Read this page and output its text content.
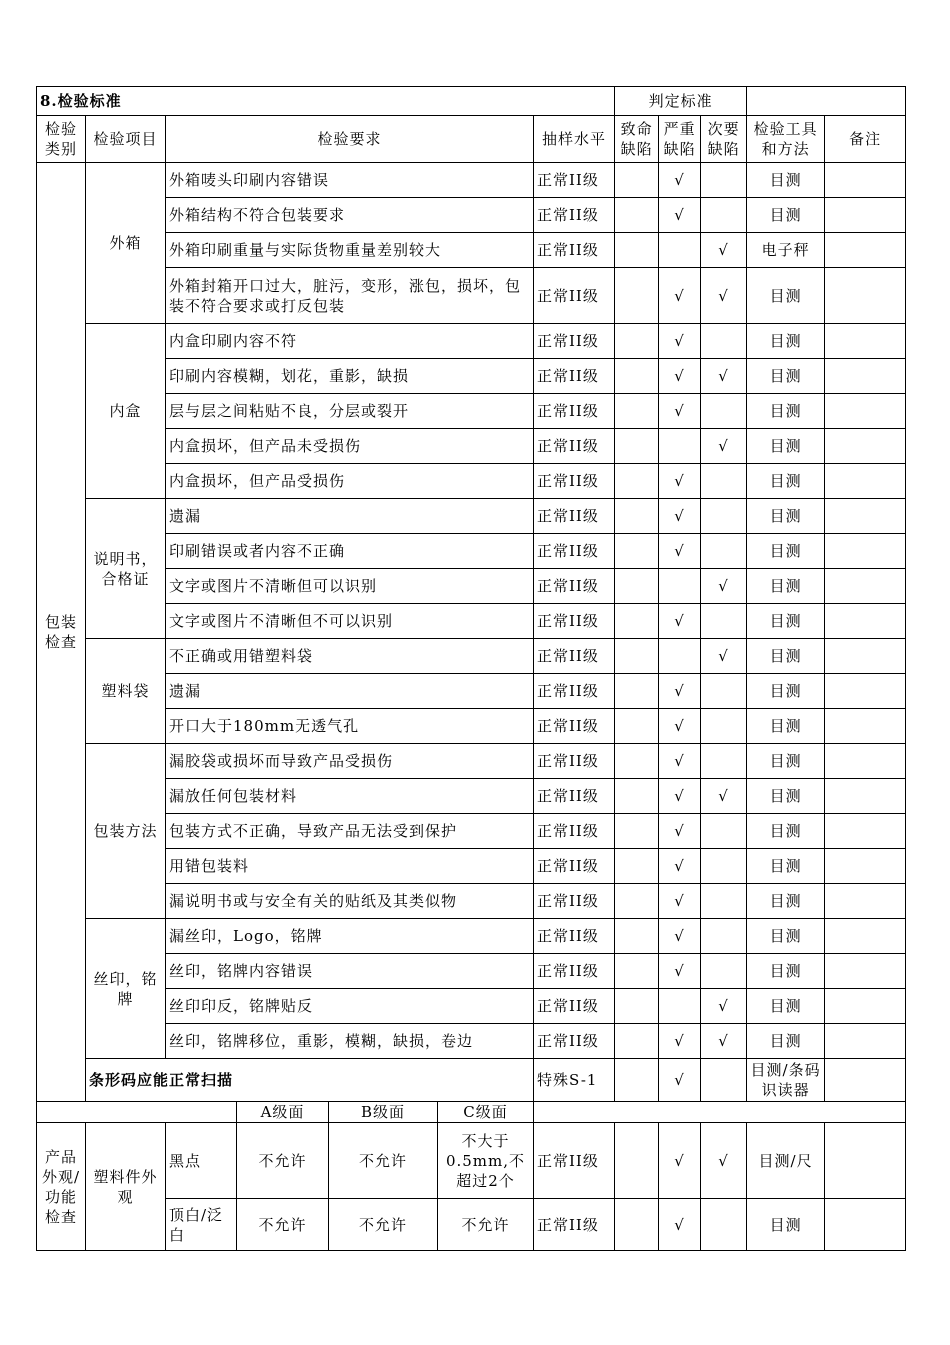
8.检验标准							判定标准				
检验类别	检验项目	检验要求				抽样水平	致命缺陷	严重缺陷	次要缺陷	检验工具和方法	备注
包装检查	外箱	外箱唛头印刷内容错误				正常II级		√		目测	
		外箱结构不符合包装要求				正常II级		√		目测	
		外箱印刷重量与实际货物重量差别较大				正常II级			√	电子秤	
		外箱封箱开口过大，脏污，变形，涨包，损坏，包装不符合要求或打反包装				正常II级		√	√	目测	
	内盒	内盒印刷内容不符				正常II级		√		目测	
		印刷内容模糊，划花，重影，缺损				正常II级		√	√	目测	
		层与层之间粘贴不良，分层或裂开				正常II级		√		目测	
		内盒损坏，但产品未受损伤				正常II级			√	目测	
		内盒损坏，但产品受损伤				正常II级		√		目测	
	说明书，合格证	遗漏				正常II级		√		目测	
		印刷错误或者内容不正确				正常II级		√		目测	
		文字或图片不清晰但可以识别				正常II级			√	目测	
		文字或图片不清晰但不可以识别				正常II级		√		目测	
	塑料袋	不正确或用错塑料袋				正常II级			√	目测	
		遗漏				正常II级		√		目测	
		开口大于180mm无透气孔				正常II级		√		目测	
	包装方法	漏胶袋或损坏而导致产品受损伤				正常II级		√		目测	
		漏放任何包装材料				正常II级		√	√	目测	
		包装方式不正确，导致产品无法受到保护				正常II级		√		目测	
		用错包装料				正常II级		√		目测	
		漏说明书或与安全有关的贴纸及其类似物				正常II级		√		目测	
	丝印，铭牌	漏丝印，Logo，铭牌				正常II级		√		目测	
		丝印，铭牌内容错误				正常II级		√		目测	
		丝印印反，铭牌贴反				正常II级			√	目测	
		丝印，铭牌移位，重影，模糊，缺损，卷边				正常II级		√	√	目测	
	条形码应能正常扫描					特殊S-1		√		目测/条码识读器	
			A级面	B级面	C级面						
产品外观/功能检查	塑料件外观	黑点	不允许	不允许	不大于0.5mm,不超过2个	正常II级		√	√	目测/尺	
		顶白/泛白	不允许	不允许	不允许	正常II级		√		目测	
